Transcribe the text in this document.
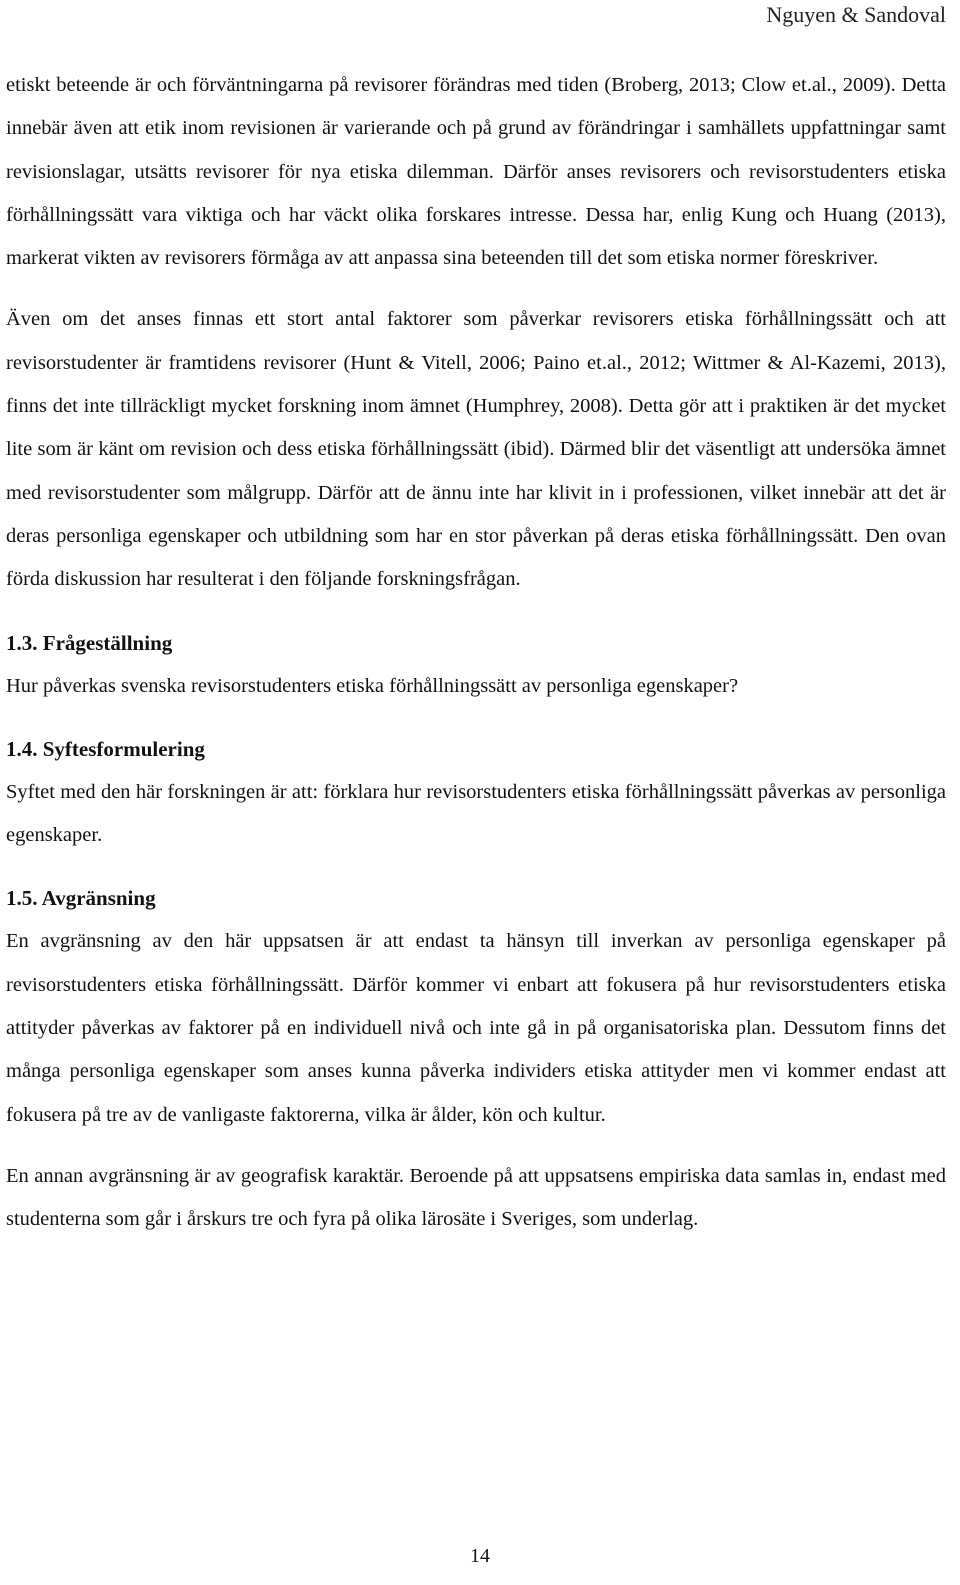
Nguyen & Sandoval

etiskt beteende är och förväntningarna på revisorer förändras med tiden (Broberg, 2013; Clow et.al., 2009). Detta innebär även att etik inom revisionen är varierande och på grund av förändringar i samhällets uppfattningar samt revisionslagar, utsätts revisorer för nya etiska dilemman. Därför anses revisorers och revisorstudenters etiska förhållningssätt vara viktiga och har väckt olika forskares intresse. Dessa har, enlig Kung och Huang (2013), markerat vikten av revisorers förmåga av att anpassa sina beteenden till det som etiska normer föreskriver.

Även om det anses finnas ett stort antal faktorer som påverkar revisorers etiska förhållningssätt och att revisorstudenter är framtidens revisorer (Hunt & Vitell, 2006; Paino et.al., 2012; Wittmer & Al-Kazemi, 2013), finns det inte tillräckligt mycket forskning inom ämnet (Humphrey, 2008). Detta gör att i praktiken är det mycket lite som är känt om revision och dess etiska förhållningssätt (ibid). Därmed blir det väsentligt att undersöka ämnet med revisorstudenter som målgrupp. Därför att de ännu inte har klivit in i professionen, vilket innebär att det är deras personliga egenskaper och utbildning som har en stor påverkan på deras etiska förhållningssätt. Den ovan förda diskussion har resulterat i den följande forskningsfrågan.

1.3. Frågeställning

Hur påverkas svenska revisorstudenters etiska förhållningssätt av personliga egenskaper?

1.4. Syftesformulering

Syftet med den här forskningen är att: förklara hur revisorstudenters etiska förhållningssätt påverkas av personliga egenskaper.

1.5. Avgränsning

En avgränsning av den här uppsatsen är att endast ta hänsyn till inverkan av personliga egenskaper på revisorstudenters etiska förhållningssätt. Därför kommer vi enbart att fokusera på hur revisorstudenters etiska attityder påverkas av faktorer på en individuell nivå och inte gå in på organisatoriska plan. Dessutom finns det många personliga egenskaper som anses kunna påverka individers etiska attityder men vi kommer endast att fokusera på tre av de vanligaste faktorerna, vilka är ålder, kön och kultur.

En annan avgränsning är av geografisk karaktär. Beroende på att uppsatsens empiriska data samlas in, endast med studenterna som går i årskurs tre och fyra på olika lärosäte i Sveriges, som underlag.

14
